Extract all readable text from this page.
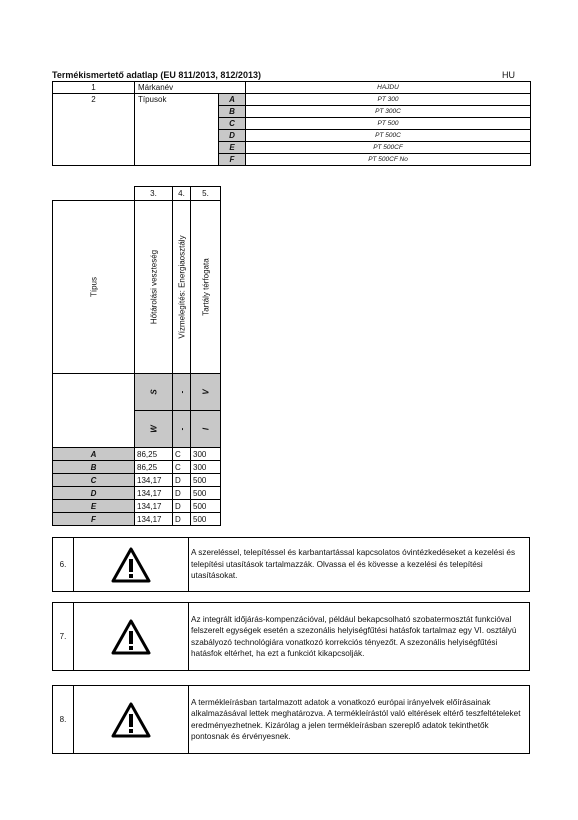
Termékismertető adatlap (EU 811/2013, 812/2013)	HU
1	Márkanév		HAJDU
2	Típusok	A	PT 300
		B	PT 300C
		C	PT 500
		D	PT 500C
		E	PT 500CF
		F	PT 500CF No
	3.	4.	5.

Típus	Hőtárolási veszteség	Vízmelegítés: Energiaosztály	Tartály térfogata

	S	-	V

	W	-	l

A	86,25	C	300
B	86,25	C	300
C	134,17	D	500
D	134,17	D	500
E	134,17	D	500
F	134,17	D	500
6.
A szereléssel, telepítéssel és karbantartással kapcsolatos óvintézkedéseket a kezelési és telepítési utasítások tartalmazzák. Olvassa el és kövesse a kezelési és telepítési utasításokat.
7.
Az integrált időjárás-kompenzációval, például bekapcsolható szobatermosztát funkcióval felszerelt egységek esetén a szezonális helyiségfűtési hatásfok tartalmaz egy VI. osztályú szabályozó technológiára vonatkozó korrekciós tényezőt. A szezonális helyiségfűtési hatásfok eltérhet, ha ezt a funkciót kikapcsolják.
8.
A termékleírásban tartalmazott adatok a vonatkozó európai irányelvek előírásainak alkalmazásával lettek meghatározva. A termékleírástól való eltérések eltérő teszfeltételeket eredményezhetnek. Kizárólag a jelen termékleírásban szereplő adatok tekinthetők pontosnak és érvényesnek.
